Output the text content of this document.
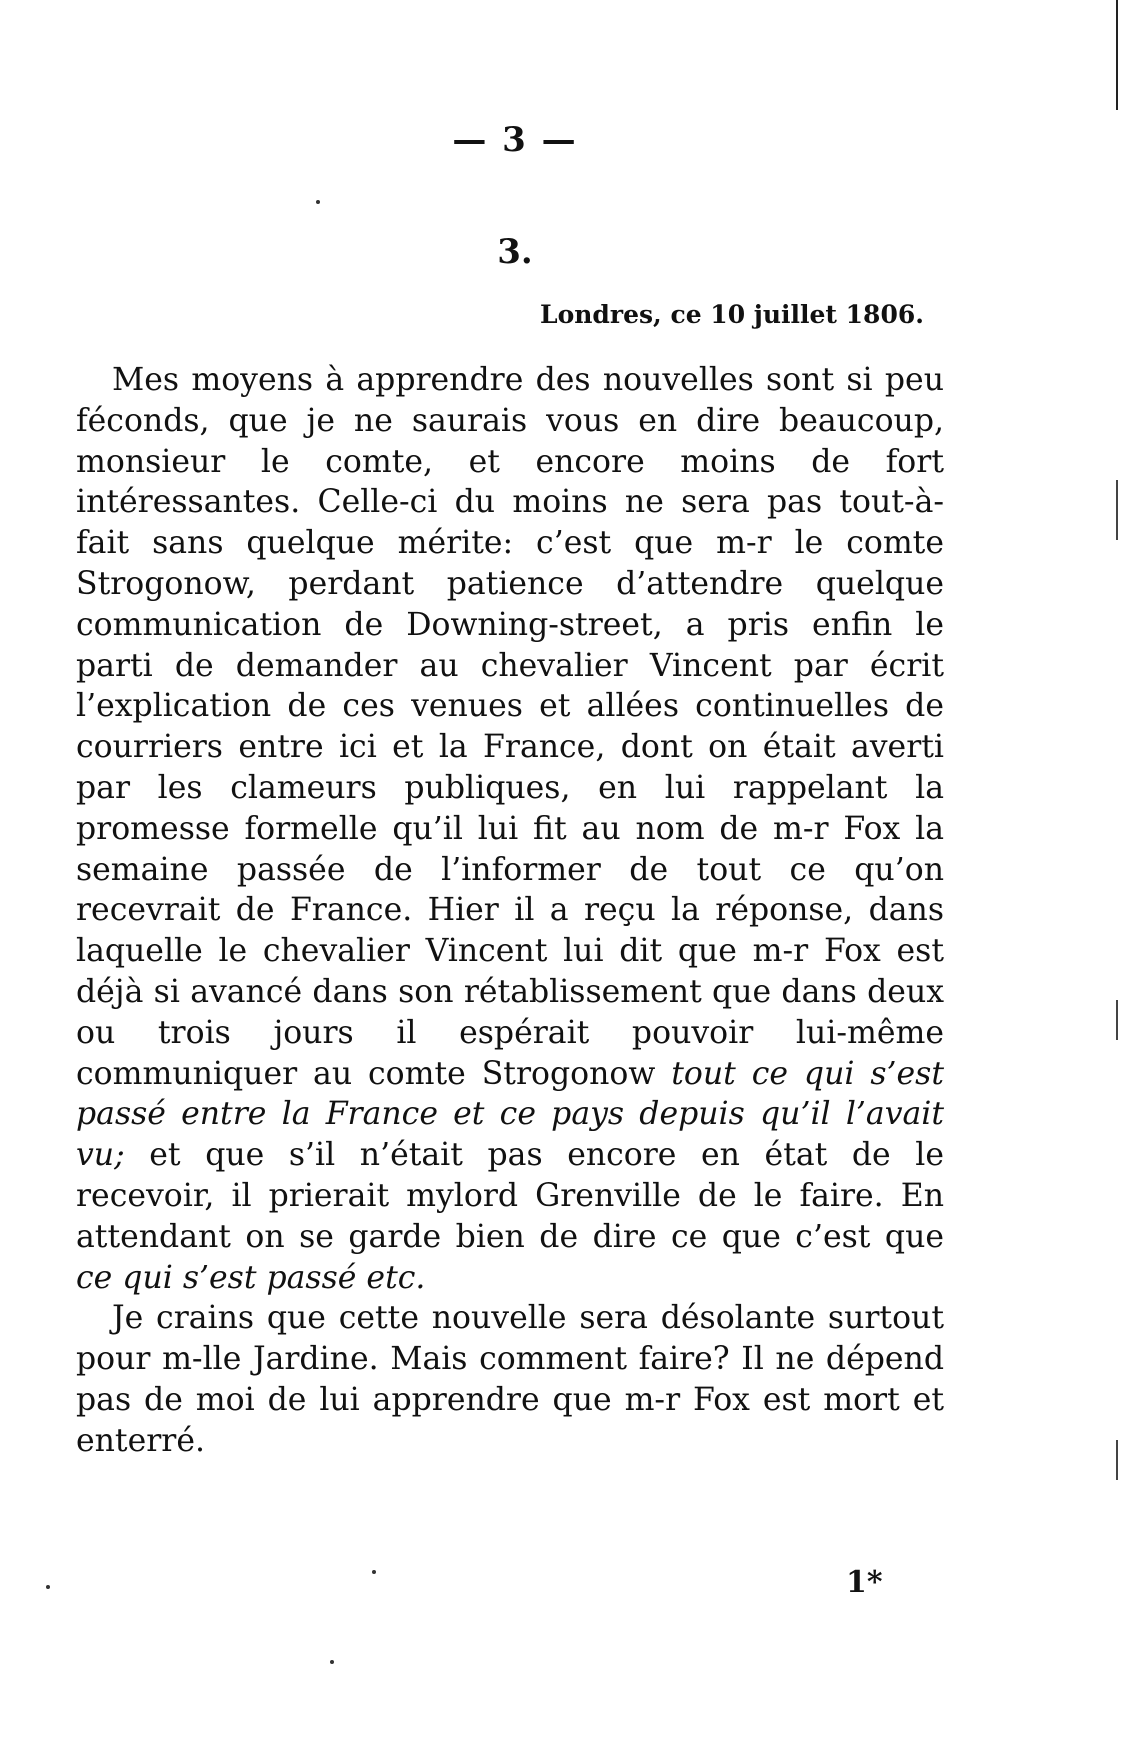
— 3 —
3.
Londres, ce 10 juillet 1806.

Mes moyens à apprendre des nouvelles sont si peu féconds, que je ne saurais vous en dire beaucoup, monsieur le comte, et encore moins de fort intéressantes. Celle-ci du moins ne sera pas tout-à-fait sans quelque mérite: c’est que m-r le comte Strogonow, perdant patience d’attendre quelque communication de Downing-street, a pris enfin le parti de demander au chevalier Vincent par écrit l’explication de ces venues et allées continuelles de courriers entre ici et la France, dont on était averti par les clameurs publiques, en lui rappelant la promesse formelle qu’il lui fit au nom de m-r Fox la semaine passée de l’informer de tout ce qu’on recevrait de France. Hier il a reçu la réponse, dans laquelle le chevalier Vincent lui dit que m-r Fox est déjà si avancé dans son rétablissement que dans deux ou trois jours il espérait pouvoir lui-même communiquer au comte Strogonow tout ce qui s’est passé entre la France et ce pays depuis qu’il l’avait vu; et que s’il n’était pas encore en état de le recevoir, il prierait mylord Grenville de le faire. En attendant on se garde bien de dire ce que c’est que ce qui s’est passé etc.

Je crains que cette nouvelle sera désolante surtout pour m-lle Jardine. Mais comment faire? Il ne dépend pas de moi de lui apprendre que m-r Fox est mort et enterré.

1*
